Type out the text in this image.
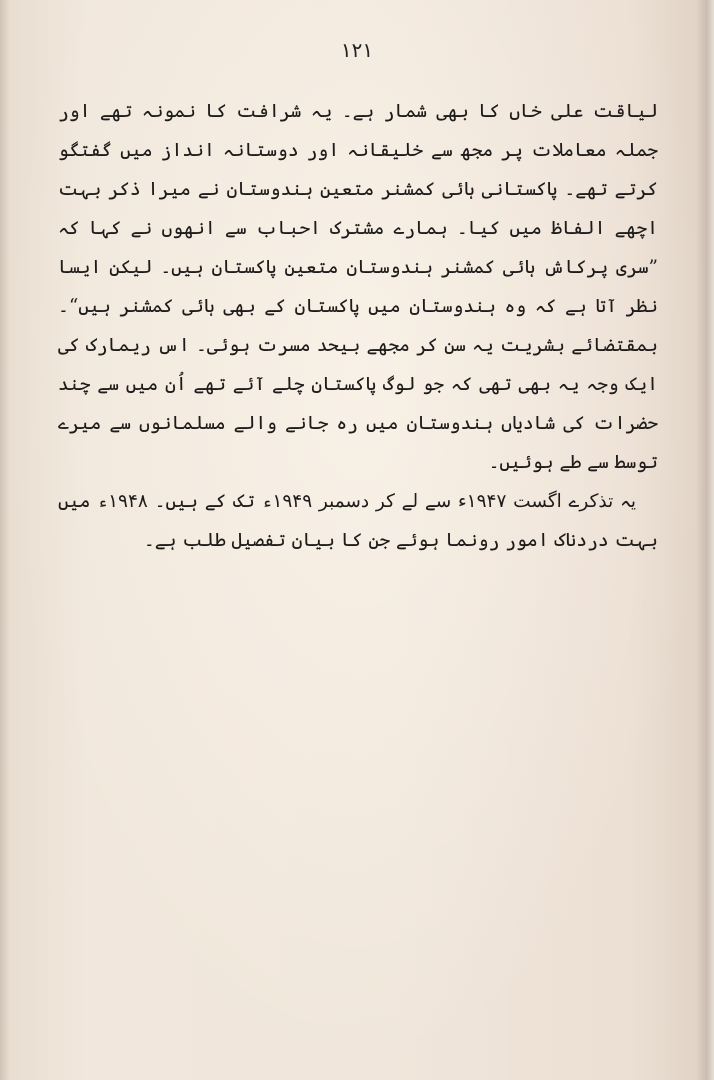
۱۲۱

لیاقت علی خاں کا بھی شمار ہے۔ یہ شرافت کا نمونہ تھے اور جملہ معاملات پر مجھ سے خلیقانہ اور دوستانہ انداز میں گفتگو کرتے تھے۔ پاکستانی ہائی کمشنر متعین ہندوستان نے میرا ذکر بہت اچھے الفاظ میں کیا۔ ہمارے مشترک احباب سے انھوں نے کہا کہ ”سری پرکاش ہائی کمشنر ہندوستان متعین پاکستان ہیں۔ لیکن ایسا نظر آتا ہے کہ وہ ہندوستان میں پاکستان کے بھی ہائی کمشنر ہیں“۔ بمقتضائے بشریت یہ سن کر مجھے بیحد مسرت ہوئی۔ اس ریمارک کی ایک وجہ یہ بھی تھی کہ جو لوگ پاکستان چلے آئے تھے اُن میں سے چند حضرات کی شادیاں ہندوستان میں رہ جانے والے مسلمانوں سے میرے توسط سے طے ہوئیں۔

یہ تذکرے اگست ۱۹۴۷ء سے لے کر دسمبر ۱۹۴۹ء تک کے ہیں۔ ۱۹۴۸ء میں بہت دردناک امور رونما ہوئے جن کا بیان تفصیل طلب ہے۔
